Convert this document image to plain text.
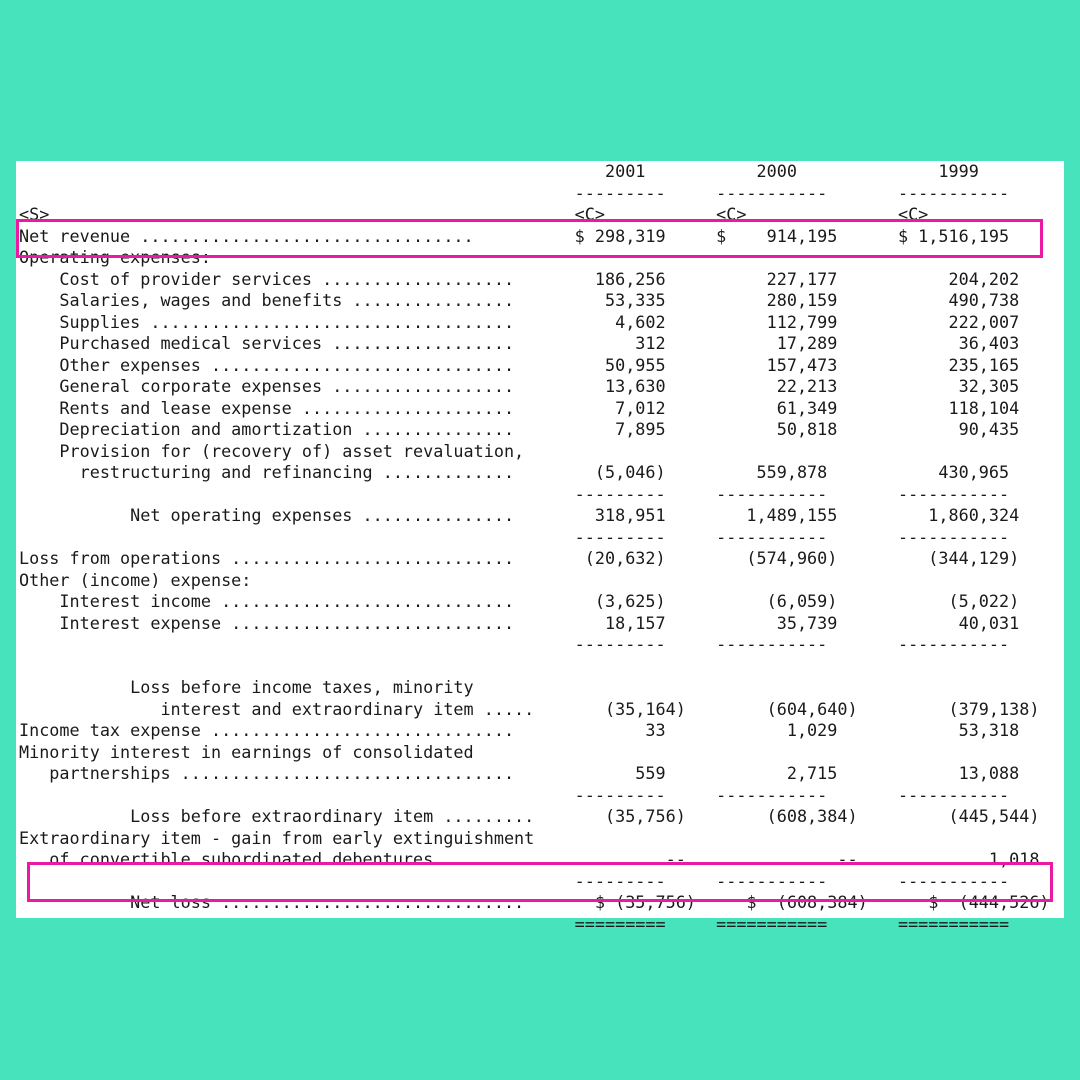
2001           2000              1999
---------     -----------       -----------
<S>                                                    <C>           <C>               <C>
Net revenue .................................          $ 298,319     $    914,195      $ 1,516,195
Operating expenses:
Cost of provider services ...................        186,256          227,177           204,202
Salaries, wages and benefits ................         53,335          280,159           490,738
Supplies ....................................          4,602          112,799           222,007
Purchased medical services ..................            312           17,289            36,403
Other expenses ..............................         50,955          157,473           235,165
General corporate expenses ..................         13,630           22,213            32,305
Rents and lease expense .....................          7,012           61,349           118,104
Depreciation and amortization ...............          7,895           50,818            90,435
Provision for (recovery of) asset revaluation,
restructuring and refinancing .............        (5,046)         559,878           430,965
---------     -----------       -----------
Net operating expenses ...............        318,951        1,489,155         1,860,324
---------     -----------       -----------
Loss from operations ............................       (20,632)        (574,960)         (344,129)
Other (income) expense:
Interest income .............................        (3,625)          (6,059)           (5,022)
Interest expense ............................         18,157           35,739            40,031
---------     -----------       -----------
Loss before income taxes, minority
interest and extraordinary item .....       (35,164)        (604,640)         (379,138)
Income tax expense ..............................             33            1,029            53,318
Minority interest in earnings of consolidated
partnerships .................................            559            2,715            13,088
---------     -----------       -----------
Loss before extraordinary item .........       (35,756)        (608,384)         (445,544)
Extraordinary item - gain from early extinguishment
of convertible subordinated debentures .........             --               --             1,018
---------     -----------       -----------
Net loss ..............................       $ (35,756)     $  (608,384)      $  (444,526)
=========     ===========       ===========
